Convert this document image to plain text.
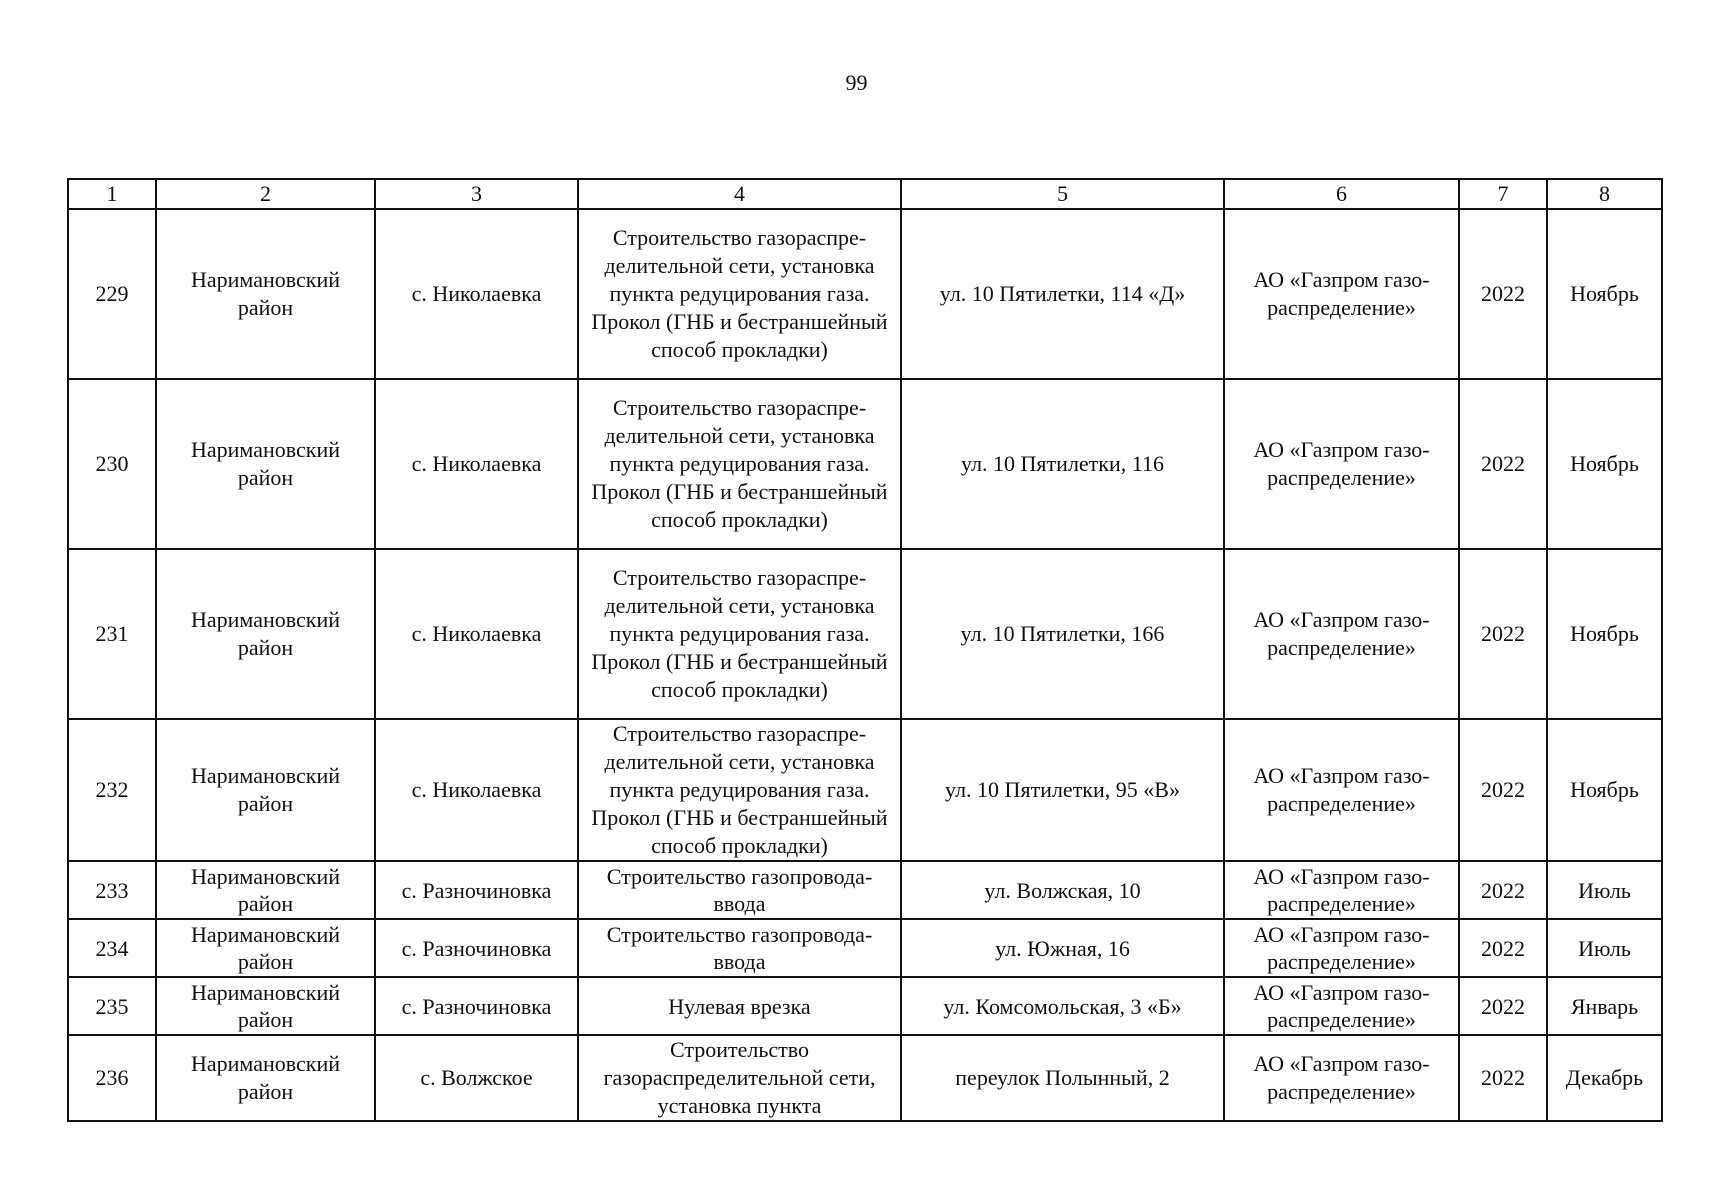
99
1	2	3	4	5	6	7	8
229	Наримановский район	с. Николаевка	Строительство газораспределительной сети, установка пункта редуцирования газа. Прокол (ГНБ и бестраншейный способ прокладки)	ул. 10 Пятилетки, 114 «Д»	АО «Газпром газораспределение»	2022	Ноябрь
230	Наримановский район	с. Николаевка	Строительство газораспределительной сети, установка пункта редуцирования газа. Прокол (ГНБ и бестраншейный способ прокладки)	ул. 10 Пятилетки, 116	АО «Газпром газораспределение»	2022	Ноябрь
231	Наримановский район	с. Николаевка	Строительство газораспределительной сети, установка пункта редуцирования газа. Прокол (ГНБ и бестраншейный способ прокладки)	ул. 10 Пятилетки, 166	АО «Газпром газораспределение»	2022	Ноябрь
232	Наримановский район	с. Николаевка	Строительство газораспределительной сети, установка пункта редуцирования газа. Прокол (ГНБ и бестраншейный способ прокладки)	ул. 10 Пятилетки, 95 «В»	АО «Газпром газораспределение»	2022	Ноябрь
233	Наримановский район	с. Разночиновка	Строительство газопровода-ввода	ул. Волжская, 10	АО «Газпром газораспределение»	2022	Июль
234	Наримановский район	с. Разночиновка	Строительство газопровода-ввода	ул. Южная, 16	АО «Газпром газораспределение»	2022	Июль
235	Наримановский район	с. Разночиновка	Нулевая врезка	ул. Комсомольская, 3 «Б»	АО «Газпром газораспределение»	2022	Январь
236	Наримановский район	с. Волжское	Строительство газораспределительной сети, установка пункта	переулок Полынный, 2	АО «Газпром газораспределение»	2022	Декабрь
